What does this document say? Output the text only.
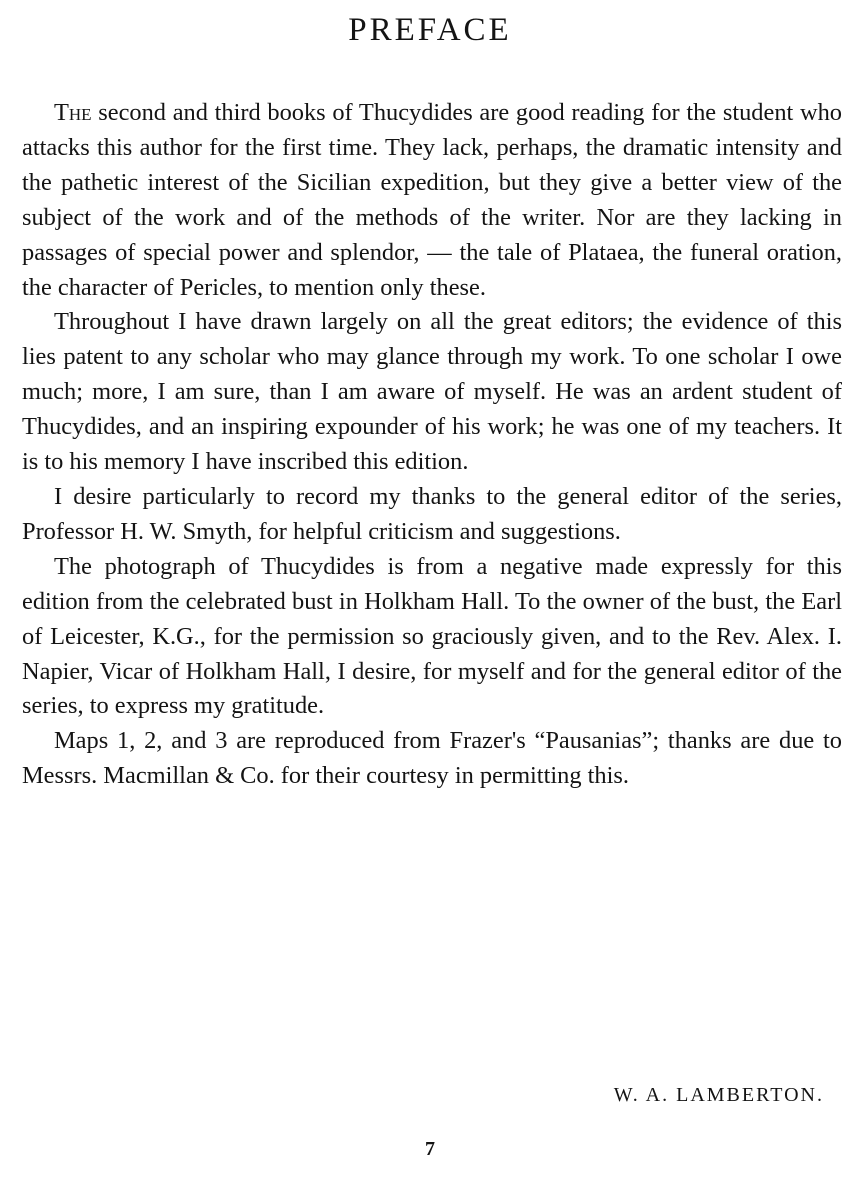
PREFACE

The second and third books of Thucydides are good reading for the student who attacks this author for the first time. They lack, perhaps, the dramatic intensity and the pathetic interest of the Sicilian expedition, but they give a better view of the subject of the work and of the methods of the writer. Nor are they lacking in passages of special power and splendor, — the tale of Plataea, the funeral oration, the character of Pericles, to mention only these.

Throughout I have drawn largely on all the great editors; the evidence of this lies patent to any scholar who may glance through my work. To one scholar I owe much; more, I am sure, than I am aware of myself. He was an ardent student of Thucydides, and an inspiring expounder of his work; he was one of my teachers. It is to his memory I have inscribed this edition.

I desire particularly to record my thanks to the general editor of the series, Professor H. W. Smyth, for helpful criticism and suggestions.

The photograph of Thucydides is from a negative made expressly for this edition from the celebrated bust in Holkham Hall. To the owner of the bust, the Earl of Leicester, K.G., for the permission so graciously given, and to the Rev. Alex. I. Napier, Vicar of Holkham Hall, I desire, for myself and for the general editor of the series, to express my gratitude.

Maps 1, 2, and 3 are reproduced from Frazer's “Pausanias”; thanks are due to Messrs. Macmillan & Co. for their courtesy in permitting this.

W. A. LAMBERTON.
7
